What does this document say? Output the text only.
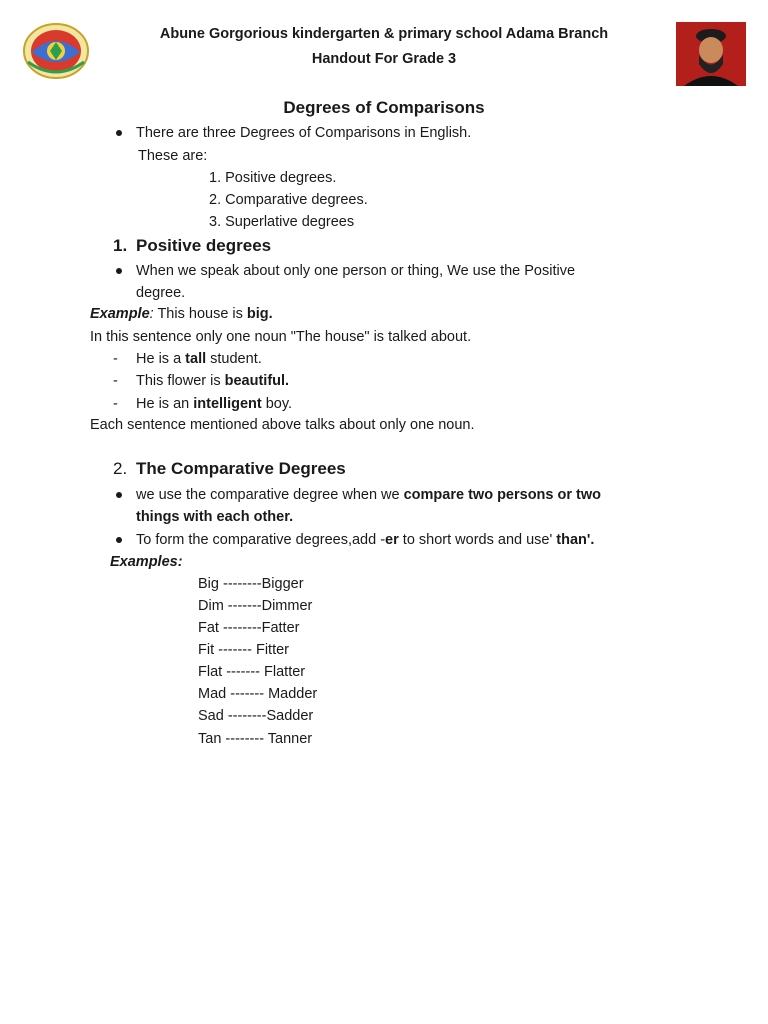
Abune Gorgorious kindergarten & primary school Adama Branch
Handout For Grade 3
Degrees of Comparisons
There are three Degrees of Comparisons in English.
These are:
1. Positive degrees.
2. Comparative degrees.
3. Superlative degrees
1. Positive degrees
When we speak about only one person or thing, We use the Positive
degree.
Example: This house is big.
In this sentence only one noun "The house" is talked about.
- He is a tall student.
- This flower is beautiful.
- He is an intelligent boy.
Each sentence mentioned above talks about only one noun.
2. The Comparative Degrees
we use the comparative degree when we compare two persons or two
things with each other.
To form the comparative degrees,add -er to short words and use' than'.
Examples:
Big --------Bigger
Dim -------Dimmer
Fat --------Fatter
Fit ------- Fitter
Flat ------- Flatter
Mad ------- Madder
Sad --------Sadder
Tan -------- Tanner
